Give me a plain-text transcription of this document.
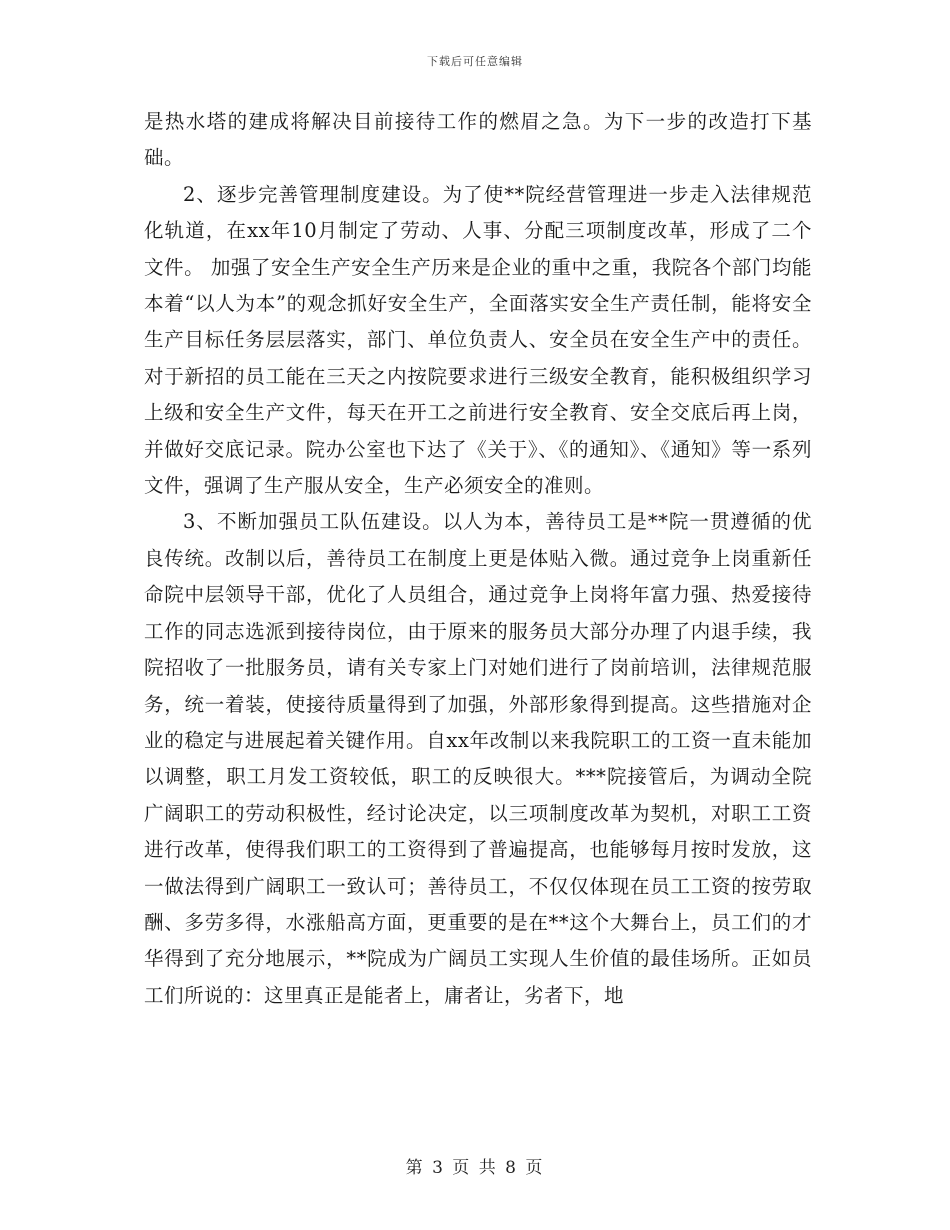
下载后可任意编辑

是热水塔的建成将解决目前接待工作的燃眉之急。为下一步的改造打下基础。

2、逐步完善管理制度建设。为了使**院经营管理进一步走入法律规范化轨道，在xx年10月制定了劳动、人事、分配三项制度改革，形成了二个文件。 加强了安全生产安全生产历来是企业的重中之重，我院各个部门均能本着“以人为本”的观念抓好安全生产，全面落实安全生产责任制，能将安全生产目标任务层层落实，部门、单位负责人、安全员在安全生产中的责任。对于新招的员工能在三天之内按院要求进行三级安全教育，能积极组织学习上级和安全生产文件，每天在开工之前进行安全教育、安全交底后再上岗，并做好交底记录。院办公室也下达了《关于》、《的通知》、《通知》等一系列文件，强调了生产服从安全，生产必须安全的准则。

3、不断加强员工队伍建设。以人为本，善待员工是**院一贯遵循的优良传统。改制以后，善待员工在制度上更是体贴入微。通过竞争上岗重新任命院中层领导干部，优化了人员组合，通过竞争上岗将年富力强、热爱接待工作的同志选派到接待岗位，由于原来的服务员大部分办理了内退手续，我院招收了一批服务员，请有关专家上门对她们进行了岗前培训，法律规范服务，统一着装，使接待质量得到了加强，外部形象得到提高。这些措施对企业的稳定与进展起着关键作用。自xx年改制以来我院职工的工资一直未能加以调整，职工月发工资较低，职工的反映很大。***院接管后，为调动全院广阔职工的劳动积极性，经讨论决定，以三项制度改革为契机，对职工工资进行改革，使得我们职工的工资得到了普遍提高，也能够每月按时发放，这一做法得到广阔职工一致认可；善待员工，不仅仅体现在员工工资的按劳取酬、多劳多得，水涨船高方面，更重要的是在**这个大舞台上，员工们的才华得到了充分地展示，**院成为广阔员工实现人生价值的最佳场所。正如员工们所说的：这里真正是能者上，庸者让，劣者下，地

第 3 页 共 8 页
